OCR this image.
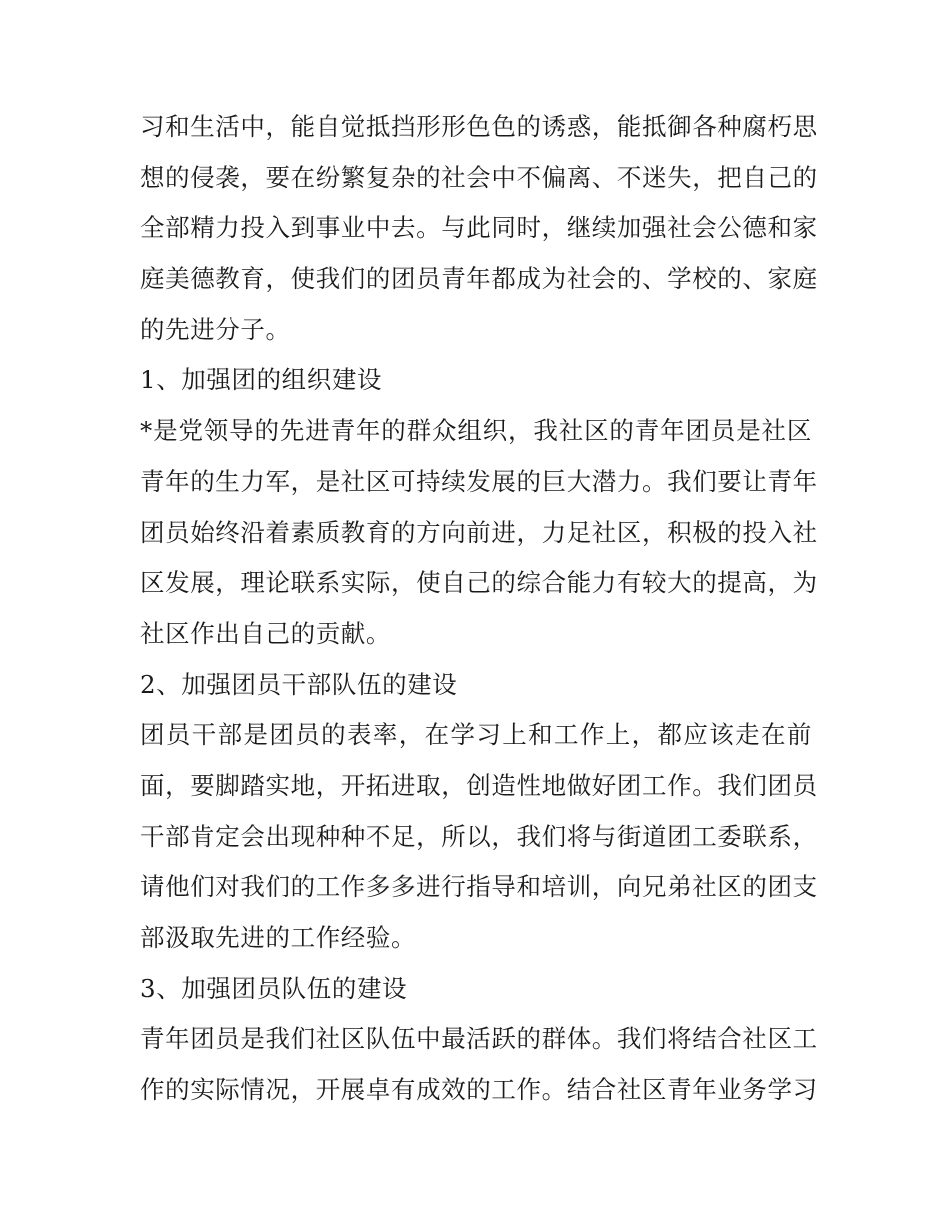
习和生活中，能自觉抵挡形形色色的诱惑，能抵御各种腐朽思
想的侵袭，要在纷繁复杂的社会中不偏离、不迷失，把自己的
全部精力投入到事业中去。与此同时，继续加强社会公德和家
庭美德教育，使我们的团员青年都成为社会的、学校的、家庭
的先进分子。
1、加强团的组织建设
*是党领导的先进青年的群众组织，我社区的青年团员是社区
青年的生力军，是社区可持续发展的巨大潜力。我们要让青年
团员始终沿着素质教育的方向前进，力足社区，积极的投入社
区发展，理论联系实际，使自己的综合能力有较大的提高，为
社区作出自己的贡献。
2、加强团员干部队伍的建设
团员干部是团员的表率，在学习上和工作上，都应该走在前
面，要脚踏实地，开拓进取，创造性地做好团工作。我们团员
干部肯定会出现种种不足，所以，我们将与街道团工委联系，
请他们对我们的工作多多进行指导和培训，向兄弟社区的团支
部汲取先进的工作经验。
3、加强团员队伍的建设
青年团员是我们社区队伍中最活跃的群体。我们将结合社区工
作的实际情况，开展卓有成效的工作。结合社区青年业务学习
